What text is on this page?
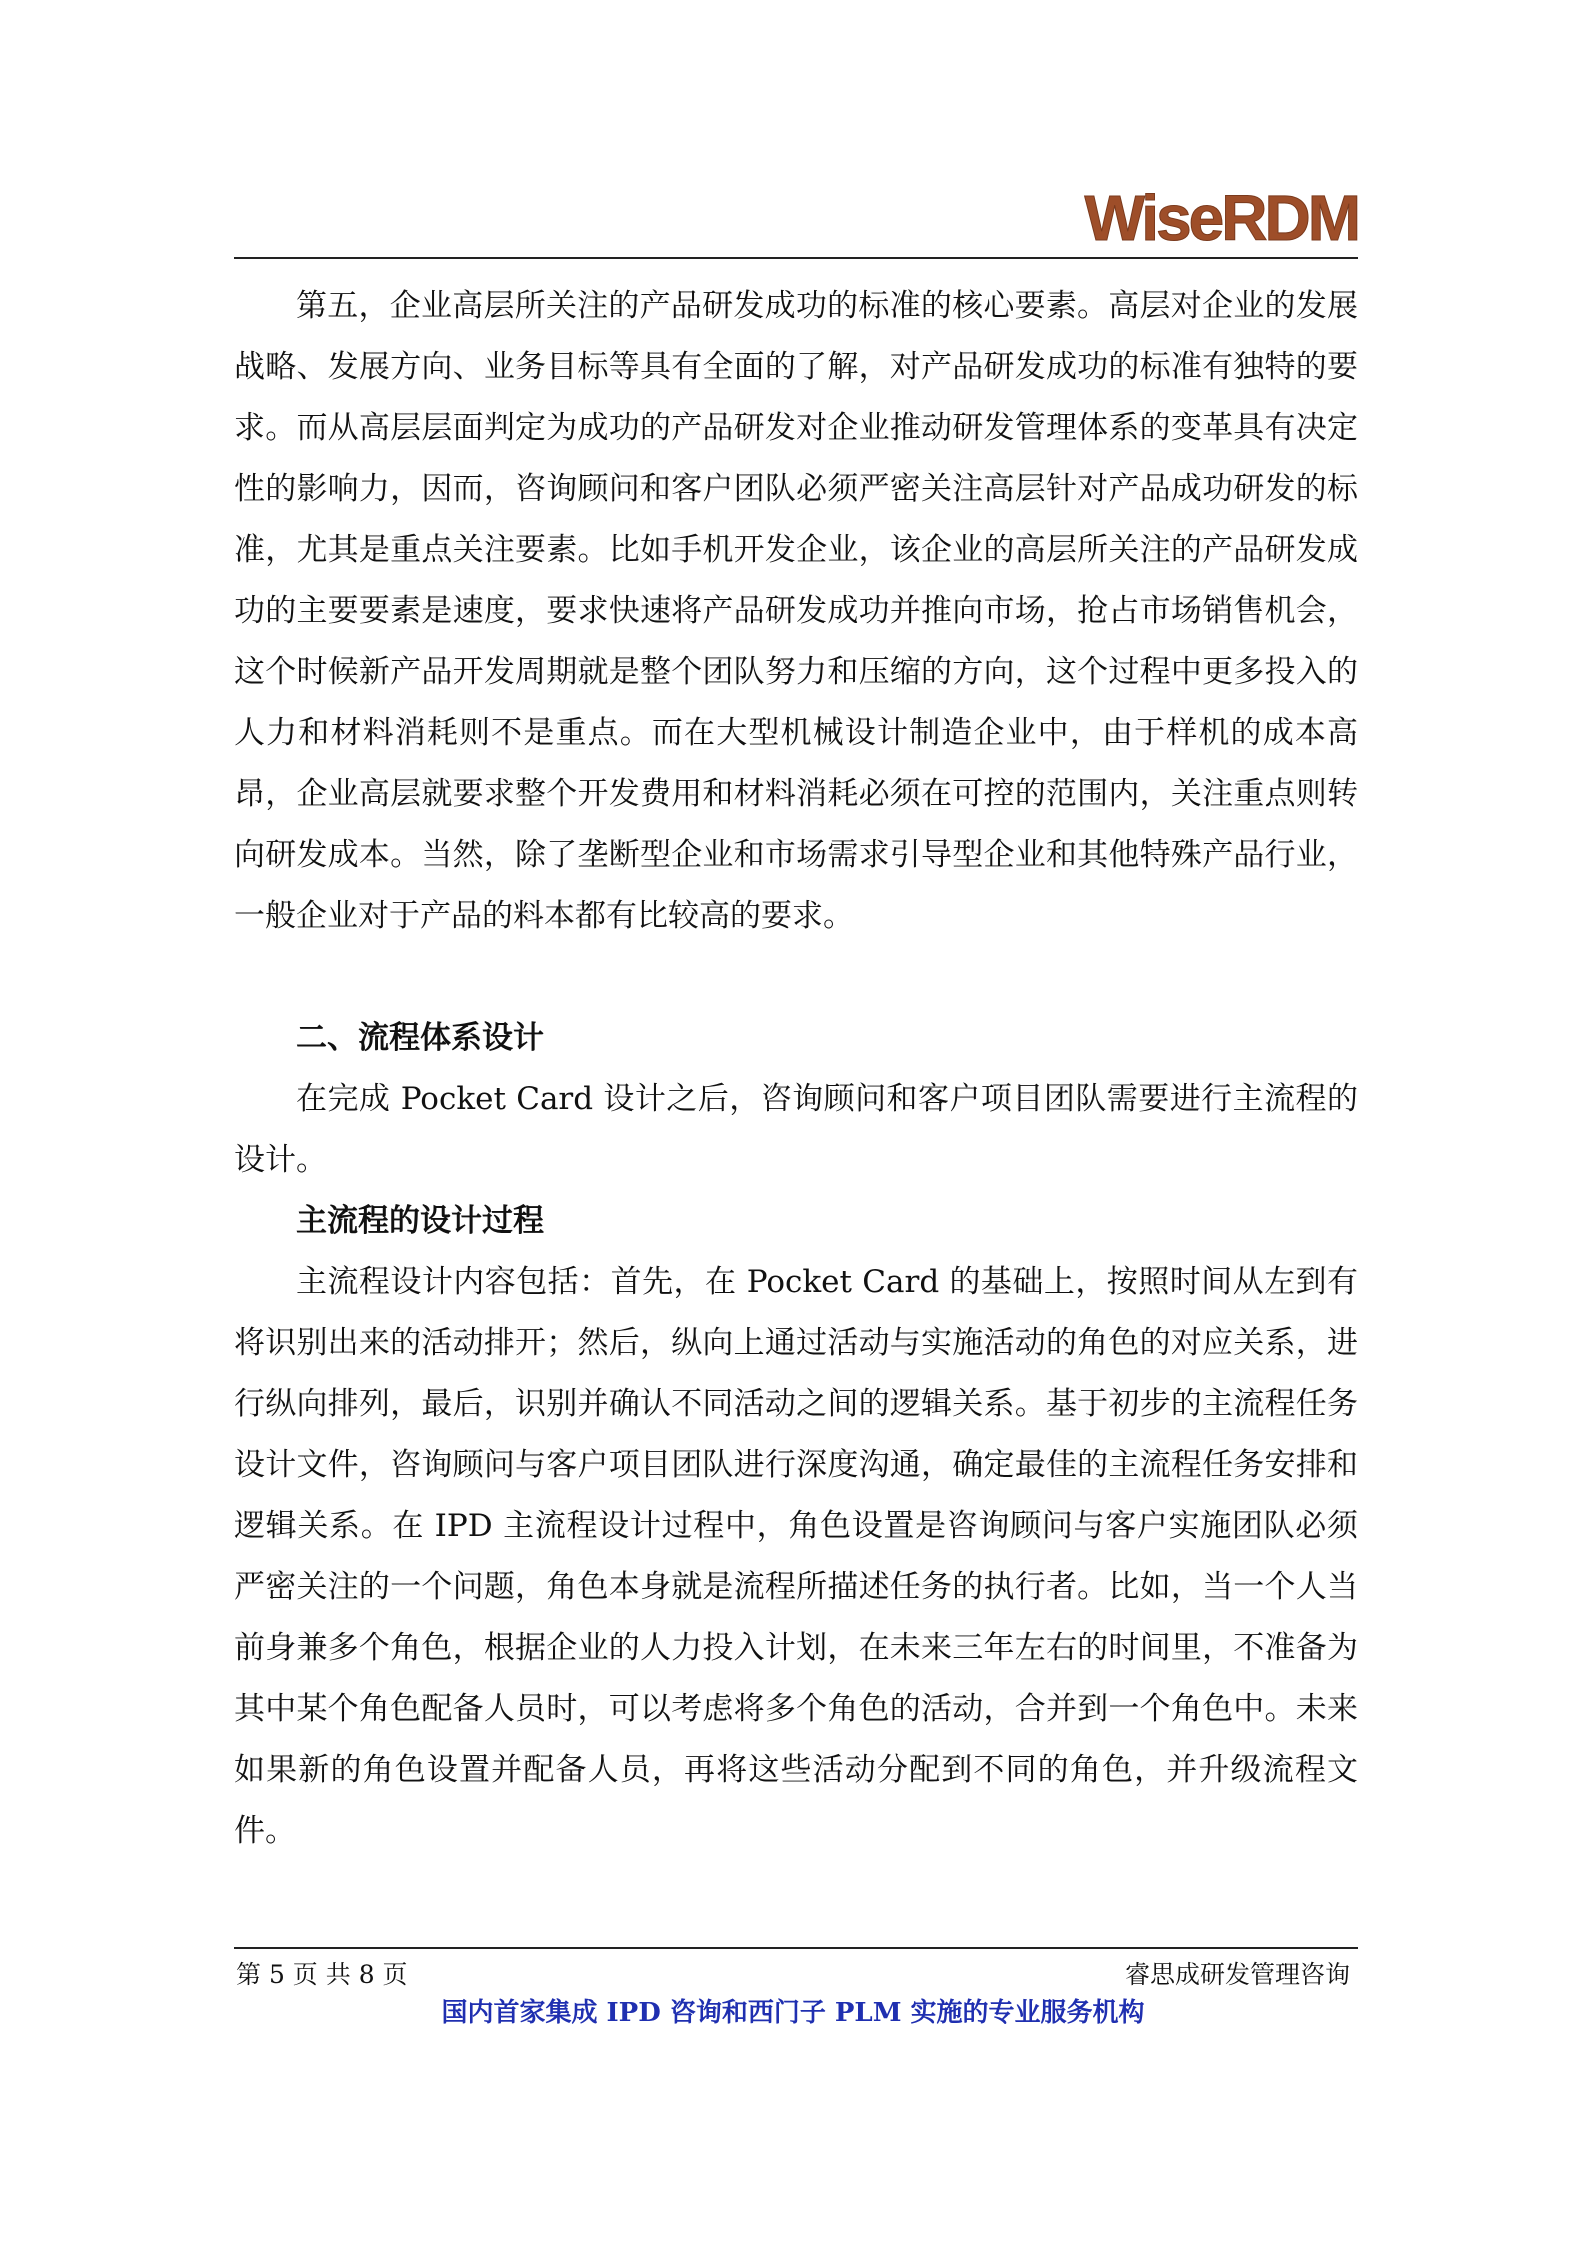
WiseRDM

第五，企业高层所关注的产品研发成功的标准的核心要素。高层对企业的发展战略、发展方向、业务目标等具有全面的了解，对产品研发成功的标准有独特的要求。而从高层层面判定为成功的产品研发对企业推动研发管理体系的变革具有决定性的影响力，因而，咨询顾问和客户团队必须严密关注高层针对产品成功研发的标准，尤其是重点关注要素。比如手机开发企业，该企业的高层所关注的产品研发成功的主要要素是速度，要求快速将产品研发成功并推向市场，抢占市场销售机会，这个时候新产品开发周期就是整个团队努力和压缩的方向，这个过程中更多投入的人力和材料消耗则不是重点。而在大型机械设计制造企业中，由于样机的成本高昂，企业高层就要求整个开发费用和材料消耗必须在可控的范围内，关注重点则转向研发成本。当然，除了垄断型企业和市场需求引导型企业和其他特殊产品行业，一般企业对于产品的料本都有比较高的要求。

二、流程体系设计

在完成 Pocket Card 设计之后，咨询顾问和客户项目团队需要进行主流程的设计。

主流程的设计过程

主流程设计内容包括：首先，在 Pocket Card 的基础上，按照时间从左到有将识别出来的活动排开；然后，纵向上通过活动与实施活动的角色的对应关系，进行纵向排列，最后，识别并确认不同活动之间的逻辑关系。基于初步的主流程任务设计文件，咨询顾问与客户项目团队进行深度沟通，确定最佳的主流程任务安排和逻辑关系。在 IPD 主流程设计过程中，角色设置是咨询顾问与客户实施团队必须严密关注的一个问题，角色本身就是流程所描述任务的执行者。比如，当一个人当前身兼多个角色，根据企业的人力投入计划，在未来三年左右的时间里，不准备为其中某个角色配备人员时，可以考虑将多个角色的活动，合并到一个角色中。未来如果新的角色设置并配备人员，再将这些活动分配到不同的角色，并升级流程文件。

第 5 页 共 8 页	睿思成研发管理咨询
国内首家集成 IPD 咨询和西门子 PLM 实施的专业服务机构
